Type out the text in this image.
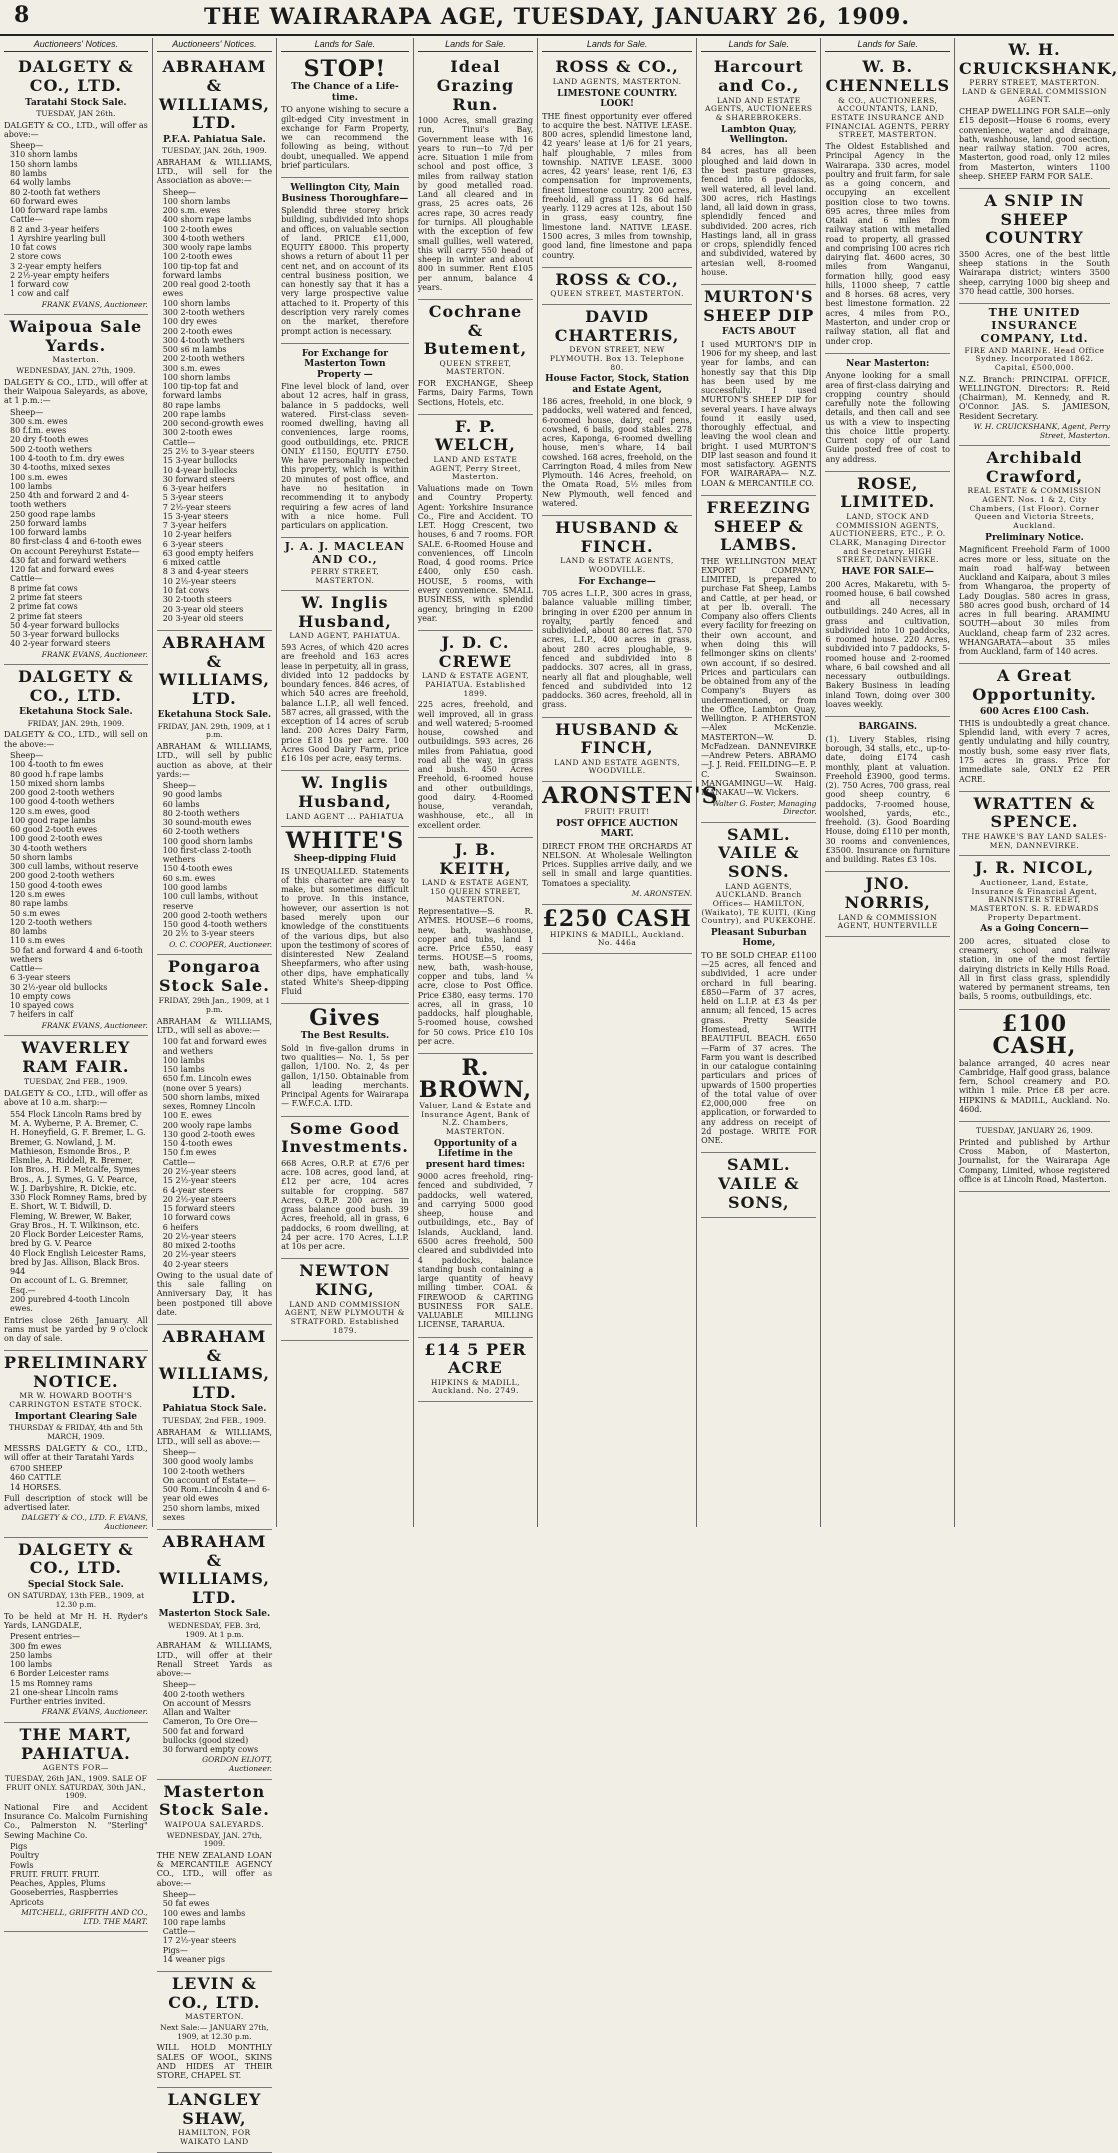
8	THE WAIRARAPA AGE, TUESDAY, JANUARY 26, 1909.
Auctioneers' Notices.
DALGETY & CO., LTD.
Taratahi Stock Sale.
TUESDAY, JAN 26th.

DALGETY & CO., LTD., will offer as above:—

Sheep—
310 shorn lambs
150 shorn lambs
80 lambs
64 wolly lambs
80 2-tooth fat wethers
60 forward ewes
100 forward rape lambs
Cattle—
8 2 and 3-year heifers
1 Ayrshire yearling bull
10 fat cows
2 store cows
3 2-year empty heifers
2 2½-year empty heifers
1 forward cow
1 cow and calf
FRANK EVANS, Auctioneer.
Waipoua Sale Yards.
Masterton.
WEDNESDAY, JAN. 27th, 1909.

DALGETY & CO., LTD., will offer at their Waipoua Saleyards, as above, at 1 p.m.:—

Sheep—
300 s.m. ewes
80 f.f.m. ewes
20 dry f-tooth ewes
500 2-tooth wethers
100 4-tooth to f.m. dry ewes
30 4-tooths, mixed sexes
100 s.m. ewes
100 lambs
250 4th and forward 2 and 4-tooth wethers
250 good rape lambs
250 forward lambs
100 forward lambs
80 first-class 4 and 6-tooth ewes
On account Pereyhurst Estate—
430 fat and forward wethers
120 fat and forward ewes
Cattle—
8 prime fat cows
2 prime fat steers
2 prime fat cows
2 prime fat steers
50 4-year forward bullocks
50 3-year forward bullocks
40 2-year forward steers
FRANK EVANS, Auctioneer.
DALGETY & CO., LTD.
Eketahuna Stock Sale.
FRIDAY, JAN. 29th, 1909.

DALGETY & CO., LTD., will sell on the above:—

Sheep—
100 4-tooth to fm ewes
80 good h.f rape lambs
150 mixed shorn lambs
200 good 2-tooth wethers
100 good 4-tooth wethers
120 s.m ewes, good
100 good rape lambs
60 good 2-tooth ewes
100 good 2-tooth ewes
30 4-tooth wethers
50 shorn lambs
300 cull lambs, without reserve
200 good 2-tooth wethers
150 good 4-tooth ewes
120 s.m ewes
80 rape lambs
50 s.m ewes
120 2-tooth wethers
80 lambs
110 s.m ewes
50 fat and forward 4 and 6-tooth wethers
Cattle—
6 3-year steers
30 2½-year old bullocks
10 empty cows
10 spayed cows
7 heifers in calf
FRANK EVANS, Auctioneer.
WAVERLEY RAM FAIR.
TUESDAY, 2nd FEB., 1909.

DALGETY & CO., LTD., will offer as above at 10 a.m. sharp:—

554 Flock Lincoln Rams bred by M. A. Wyberne, P. A. Bremer, C. H. Honeyfield, G. F. Bremer, L. G. Bremer, G. Nowland, J. M. Mathieson, Esmonde Bros., P. Elsmlie, A. Riddell, R. Bremer, Ion Bros., H. P. Metcalfe, Symes Bros., A. J. Symes, G. V. Pearce, W. J. Darbyshire, R. Dickie, etc.
330 Flock Romney Rams, bred by E. Short, W. T. Bidwill, D. Fleming, W. Brewer, W. Baker, Gray Bros., H. T. Wilkinson, etc.
20 Flock Border Leicester Rams, bred by G. V. Pearce
40 Flock English Leicester Rams, bred by Jas. Allison, Black Bros.
944
On account of L. G. Bremner, Esq.—
200 purebred 4-tooth Lincoln ewes.

Entries close 26th January. All rams must be yarded by 9 o'clock on day of sale.

PRELIMINARY NOTICE.
MR W. HOWARD BOOTH'S CARRINGTON ESTATE STOCK.
Important Clearing Sale
THURSDAY & FRIDAY, 4th and 5th MARCH, 1909.

MESSRS DALGETY & CO., LTD., will offer at their Taratahi Yards

6700 SHEEP
460 CATTLE
14 HORSES.

Full description of stock will be advertised later.

DALGETY & CO., LTD. F. EVANS, Auctioneer.
DALGETY & CO., LTD.
Special Stock Sale.
ON SATURDAY, 13th FEB., 1909, at 12.30 p.m.

To be held at Mr H. H. Ryder's Yards, LANGDALE,

Present entries—
300 fm ewes
250 lambs
100 lambs
6 Border Leicester rams
15 ms Romney rams
21 one-shear Lincoln rams
Further entries invited.
FRANK EVANS, Auctioneer.
THE MART, PAHIATUA.
AGENTS FOR—
TUESDAY, 26th JAN., 1909. SALE OF FRUIT ONLY. SATURDAY, 30th JAN., 1909.

National Fire and Accident Insurance Co. Malcolm Furnishing Co., Palmerston N. "Sterling" Sewing Machine Co.

Pigs
Poultry
Fowls
FRUIT. FRUIT. FRUIT.
Peaches, Apples, Plums
Gooseberries, Raspberries
Apricots
MITCHELL, GRIFFITH AND CO., LTD. THE MART.
Auctioneers' Notices.
ABRAHAM & WILLIAMS, LTD.
P.F.A. Pahiatua Sale.
TUESDAY, JAN. 26th, 1909.

ABRAHAM & WILLIAMS, LTD., will sell for the Association as above:—

Sheep—
100 shorn lambs
200 s.m. ewes
400 shorn rape lambs
100 2-tooth ewes
300 4-tooth wethers
300 wooly rape lambs
100 2-tooth ewes
100 tip-top fat and forward lambs
200 real good 2-tooth ewes
100 shorn lambs
300 2-tooth wethers
100 dry ewes
200 2-tooth ewes
300 4-tooth wethers
500 s6 m lambs
200 2-tooth wethers
300 s.m. ewes
100 shorn lambs
100 tip-top fat and forward lambs
80 rape lambs
200 rape lambs
200 second-growth ewes
300 2-tooth ewes
Cattle—
25 2½ to 3-year steers
15 3-year bullocks
10 4-year bullocks
30 forward steers
6 3-year heifers
5 3-year steers
7 2½-year steers
15 3-year steers
7 3-year heifers
10 2-year heifers
6 3-year steers
63 good empty heifers
6 mixed cattle
8 3 and 4-year steers
10 2½-year steers
10 fat cows
30 2-tooth steers
20 3-year old steers
20 3-year old steers
ABRAHAM & WILLIAMS, LTD.
Eketahuna Stock Sale.
FRIDAY, JAN. 29th, 1909, at 1 p.m.

ABRAHAM & WILLIAMS, LTD., will sell by public auction as above, at their yards:—

Sheep—
90 good lambs
60 lambs
80 2-tooth wethers
30 sound-mouth ewes
60 2-tooth wethers
100 good shorn lambs
100 first-class 2-tooth wethers
150 4-tooth ewes
60 s.m. ewes
100 good lambs
100 cull lambs, without reserve
200 good 2-tooth wethers
150 good 4-tooth wethers
20 2½ to 3-year steers
O. C. COOPER, Auctioneer.
Pongaroa Stock Sale.
FRIDAY, 29th Jan., 1909, at 1 p.m.

ABRAHAM & WILLIAMS, LTD., will sell as above:—

100 fat and forward ewes and wethers
100 lambs
150 lambs
650 f.m. Lincoln ewes (none over 5 years)
500 shorn lambs, mixed sexes, Romney Lincoln
100 E. ewes
200 wooly rape lambs
130 good 2-tooth ewes
150 4-tooth ewes
150 f.m ewes
Cattle—
20 2½-year steers
15 2½-year steers
6 4-year steers
20 2½-year steers
15 forward steers
10 forward cows
6 heifers
20 2½-year steers
80 mixed 2-tooths
20 2½-year steers
40 2-year steers

Owing to the usual date of this sale falling on Anniversary Day, it has been postponed till above date.

ABRAHAM & WILLIAMS, LTD.
Pahiatua Stock Sale.
TUESDAY, 2nd FEB., 1909.

ABRAHAM & WILLIAMS, LTD., will sell as above:—

Sheep—
300 good wooly lambs
100 2-tooth wethers
On account of Estate—
500 Rom.-Lincoln 4 and 6-year old ewes
250 shorn lambs, mixed sexes
ABRAHAM & WILLIAMS, LTD.
Masterton Stock Sale.
WEDNESDAY, FEB. 3rd, 1909. At 1 p.m.

ABRAHAM & WILLIAMS, LTD., will offer at their Renall Street Yards as above:—

Sheep—
400 2-tooth wethers
On account of Messrs Allan and Walter Cameron, To Ore Ore—
500 fat and forward bullocks (good sized)
30 forward empty cows
GORDON ELIOTT, Auctioneer.
Masterton Stock Sale.
WAIPOUA SALEYARDS.
WEDNESDAY, JAN. 27th, 1909.

THE NEW ZEALAND LOAN & MERCANTILE AGENCY CO., LTD., will offer as above:—

Sheep—
50 fat ewes
100 ewes and lambs
100 rape lambs
Cattle—
17 2½-year steers
Pigs—
14 weaner pigs
LEVIN & CO., LTD.
MASTERTON.
Next Sale:— JANUARY 27th, 1909, at 12.30 p.m.

WILL HOLD MONTHLY SALES OF WOOL, SKINS AND HIDES AT THEIR STORE, CHAPEL ST.

LANGLEY SHAW,
HAMILTON, FOR WAIKATO LAND
Lands for Sale.
STOP!
The Chance of a Life-time.

TO anyone wishing to secure a gilt-edged City investment in exchange for Farm Property, we can recommend the following as being, without doubt, unequalled. We append brief particulars.

Wellington City, Main Business Thoroughfare—

Splendid three storey brick building, subdivided into shops and offices, on valuable section of land. PRICE £11,000, EQUITY £8000. This property shows a return of about 11 per cent net, and on account of its central business position, we can honestly say that it has a very large prospective value attached to it. Property of this description very rarely comes on the market, therefore prompt action is necessary.

For Exchange for Masterton Town Property —

Fine level block of land, over about 12 acres, half in grass, balance in 5 paddocks, well watered. First-class seven-roomed dwelling, having all conveniences, large rooms, good outbuildings, etc. PRICE ONLY £1150, EQUITY £750. We have personally inspected this property, which is within 20 minutes of post office, and have no hesitation in recommending it to anybody requiring a few acres of land with a nice home. Full particulars on application.

J. A. J. MACLEAN AND CO.,
PERRY STREET, MASTERTON.
W. Inglis Husband,
LAND AGENT, PAHIATUA.

593 Acres, of which 420 acres are freehold and 163 acres lease in perpetuity, all in grass, divided into 12 paddocks by boundary fences. 846 acres, of which 540 acres are freehold, balance L.I.P., all well fenced. 587 acres, all grassed, with the exception of 14 acres of scrub land. 200 Acres Dairy Farm, price £18 10s per acre. 100 Acres Good Dairy Farm, price £16 10s per acre, easy terms.

W. Inglis Husband,
LAND AGENT ... PAHIATUA
WHITE'S
Sheep-dipping Fluid

IS UNEQUALLED. Statements of this character are easy to make, but sometimes difficult to prove. In this instance, however, our assertion is not based merely upon our knowledge of the constituents of the various dips, but also upon the testimony of scores of disinterested New Zealand Sheepfarmers, who after using other dips, have emphatically stated White's Sheep-dipping Fluid

Gives
The Best Results.

Sold in five-gallon drums in two qualities— No. 1, 5s per gallon, 1/100. No. 2, 4s per gallon, 1/150. Obtainable from all leading merchants. Principal Agents for Wairarapa— F.W.F.C.A. LTD.

Some Good Investments.

668 Acres, O.R.P. at £7/6 per acre. 108 acres, good land, at £12 per acre, 104 acres suitable for cropping. 587 Acres, O.R.P. 200 acres in grass balance good bush. 39 Acres, freehold, all in grass, 6 paddocks, 6 room dwelling, at 24 per acre. 170 Acres, L.I.P. at 10s per acre.

NEWTON KING,
LAND AND COMMISSION AGENT, NEW PLYMOUTH & STRATFORD. Established 1879.
Lands for Sale.
Ideal Grazing Run.

1000 Acres, small grazing run, Tinui's Bay, Government lease with 16 years to run—to 7/d per acre. Situation 1 mile from school and post office, 3 miles from railway station by good metalled road. Land all cleared and in grass, 25 acres oats, 26 acres rape, 30 acres ready for turnips. All ploughable with the exception of few small gullies, well watered, this will carry 550 head of sheep in winter and about 800 in summer. Rent £105 per annum, balance 4 years.

Cochrane & Butement,
QUEEN STREET, MASTERTON.

FOR EXCHANGE, Sheep Farms, Dairy Farms, Town Sections, Hotels, etc.

F. P. WELCH,
LAND AND ESTATE AGENT, Perry Street, Masterton.

Valuations made on Town and Country Property. Agent: Yorkshire Insurance Co., Fire and Accident. TO LET. Hogg Crescent, two houses, 6 and 7 rooms. FOR SALE. 6-Roomed House and conveniences, off Lincoln Road, 4 good rooms. Price £400, only £50 cash. HOUSE, 5 rooms, with every convenience. SMALL BUSINESS, with splendid agency, bringing in £200 year.

J. D. C. CREWE
LAND & ESTATE AGENT, PAHIATUA. Established 1899.

225 acres, freehold, and well improved, all in grass and well watered; 5-roomed house, cowshed and outbuildings. 593 acres, 26 miles from Pahiatua, good road all the way, in grass and bush. 450 Acres Freehold, 6-roomed house and other outbuildings, good dairy. 4-Roomed house, verandah, washhouse, etc., all in excellent order.

J. B. KEITH,
LAND & ESTATE AGENT, 150 QUEEN STREET, MASTERTON.

Representative—S. R. AYMES. HOUSE—6 rooms, new, bath, washhouse, copper and tubs, land 1 acre. Price £550, easy terms. HOUSE—5 rooms, new, bath, wash-house, copper and tubs, land ¼ acre, close to Post Office. Price £380, easy terms. 170 acres, all in grass, 10 paddocks, half ploughable, 5-roomed house, cowshed for 50 cows. Price £10 10s per acre.

R. BROWN,
Valuer, Land & Estate and Insurance Agent, Bank of N.Z. Chambers, MASTERTON.
Opportunity of a Lifetime in the present hard times:

9000 acres freehold, ring-fenced and subdivided, 7 paddocks, well watered, and carrying 5000 good sheep, house and outbuildings, etc., Bay of Islands, Auckland, land. 6500 acres freehold, 500 cleared and subdivided into 4 paddocks, balance standing bush containing a large quantity of heavy milling timber. COAL & FIREWOOD & CARTING BUSINESS FOR SALE. VALUABLE MILLING LICENSE, TARARUA.

£14 5 PER ACRE
HIPKINS & MADILL, Auckland. No. 2749.
Lands for Sale.
ROSS & CO.,
LAND AGENTS, MASTERTON.
LIMESTONE COUNTRY. LOOK!

THE finest opportunity ever offered to acquire the best. NATIVE LEASE. 800 acres, splendid limestone land, 42 years' lease at 1/6 for 21 years, half ploughable, 7 miles from township. NATIVE LEASE. 3000 acres, 42 years' lease, rent 1/6, £3 compensation for improvements, finest limestone country. 200 acres, freehold, all grass 11 8s 6d half-yearly. 1129 acres at 12s, about 150 in grass, easy country, fine limestone land. NATIVE LEASE. 1500 acres, 3 miles from township, good land, fine limestone and papa country.

ROSS & CO.,
QUEEN STREET, MASTERTON.
DAVID CHARTERIS,
DEVON STREET, NEW PLYMOUTH. Box 13. Telephone 80.
House Factor, Stock, Station and Estate Agent,

186 acres, freehold, in one block, 9 paddocks, well watered and fenced, 6-roomed house, dairy, calf pens, cowshed, 6 bails, good stables. 278 acres, Kaponga, 6-roomed dwelling house, men's whare, 14 bail cowshed. 168 acres, freehold, on the Carrington Road, 4 miles from New Plymouth. 146 Acres, freehold, on the Omata Road, 5½ miles from New Plymouth, well fenced and watered.

HUSBAND & FINCH.
LAND & ESTATE AGENTS, WOODVILLE.
For Exchange—

705 acres L.I.P., 300 acres in grass, balance valuable milling timber, bringing in over £200 per annum in royalty, partly fenced and subdivided, about 80 acres flat. 570 acres, L.I.P., 400 acres in grass, about 280 acres ploughable, 9-fenced and subdivided into 8 paddocks. 307 acres, all in grass, nearly all flat and ploughable, well fenced and subdivided into 12 paddocks. 360 acres, freehold, all in grass.

HUSBAND & FINCH,
LAND AND ESTATE AGENTS, WOODVILLE.
ARONSTEN'S
FRUIT! FRUIT!
POST OFFICE AUCTION MART.

DIRECT FROM THE ORCHARDS AT NELSON. At Wholesale Wellington Prices. Supplies arrive daily, and we sell in small and large quantities. Tomatoes a speciality.

M. ARONSTEN.
£250 CASH
HIPKINS & MADILL, Auckland. No. 446a
Lands for Sale.
Harcourt and Co.,
LAND AND ESTATE AGENTS, AUCTIONEERS & SHAREBROKERS.
Lambton Quay, Wellington.

84 acres, has all been ploughed and laid down in the best pasture grasses, fenced into 6 paddocks, well watered, all level land. 300 acres, rich Hastings land, all laid down in grass, splendidly fenced and subdivided. 200 acres, rich Hastings land, all in grass or crops, splendidly fenced and subdivided, watered by artesian well, 8-roomed house.

MURTON'S SHEEP DIP
FACTS ABOUT

I used MURTON'S DIP in 1906 for my sheep, and last year for lambs, and can honestly say that this Dip has been used by me successfully. I used MURTON'S SHEEP DIP for several years. I have always found it easily used, thoroughly effectual, and leaving the wool clean and bright. I used MURTON'S DIP last season and found it most satisfactory. AGENTS FOR WAIRARAPA— N.Z. LOAN & MERCANTILE CO.

FREEZING SHEEP & LAMBS.

THE WELLINGTON MEAT EXPORT COMPANY, LIMITED, is prepared to purchase Fat Sheep, Lambs and Cattle, at per head, or at per lb. overall. The Company also offers Clients every facility for freezing on their own account, and when doing this will fellmonger skins on clients' own account, if so desired. Prices and particulars can be obtained from any of the Company's Buyers as undermentioned, or from the Office, Lambton Quay, Wellington. P. ATHERSTON—Alex McKenzie. MASTERTON—W. D. McFadzean. DANNEVIRKE—Andrew Peters. ABRAMO—J. J. Reid. FEILDING—E. P. C. Swainson. MANGAMINGU—W. Haig. MANAKAU—W. Vickers.

Walter G. Foster, Managing Director.
SAML. VAILE & SONS.
LAND AGENTS, AUCKLAND. Branch Offices— HAMILTON, (Waikato), TE KUITI, (King Country), and PUKEKOHE.
Pleasant Suburban Home,

TO BE SOLD CHEAP. £1100—25 acres, all fenced and subdivided, 1 acre under orchard in full bearing. £850—Farm of 37 acres, held on L.I.P. at £3 4s per annum; all fenced, 15 acres grass. Pretty Seaside Homestead, WITH BEAUTIFUL BEACH. £650—Farm of 37 acres. The Farm you want is described in our catalogue containing particulars and prices of upwards of 1500 properties of the total value of over £2,000,000 free on application, or forwarded to any address on receipt of 2d postage. WRITE FOR ONE.

SAML. VAILE & SONS,
Lands for Sale.
W. B. CHENNELLS
& CO., AUCTIONEERS, ACCOUNTANTS, LAND, ESTATE INSURANCE AND FINANCIAL AGENTS, PERRY STREET, MASTERTON.

The Oldest Established and Principal Agency in the Wairarapa. 330 acres, model poultry and fruit farm, for sale as a going concern, and occupying an excellent position close to two towns. 695 acres, three miles from Otaki and 6 miles from railway station with metalled road to property, all grassed and comprising 100 acres rich dairying flat. 4600 acres, 30 miles from Wanganui, formation hilly, good easy hills, 11000 sheep, 7 cattle and 8 horses. 68 acres, very best limestone formation. 22 acres, 4 miles from P.O., Masterton, and under crop or railway station, all flat and under crop.

Near Masterton:

Anyone looking for a small area of first-class dairying and cropping country should carefully note the following details, and then call and see us with a view to inspecting this choice little property. Current copy of our Land Guide posted free of cost to any address.

ROSE, LIMITED.
LAND, STOCK AND COMMISSION AGENTS, AUCTIONEERS, ETC., P. O. CLARK, Managing Director and Secretary. HIGH STREET, DANNEVIRKE.
HAVE FOR SALE—

200 Acres, Makaretu, with 5-roomed house, 6 bail cowshed and all necessary outbuildings. 240 Acres, all in grass and cultivation, subdivided into 10 paddocks, 6 roomed house. 220 Acres, subdivided into 7 paddocks, 5-roomed house and 2-roomed whare, 6 bail cowshed and all necessary outbuildings. Bakery Business in leading inland Town, doing over 300 loaves weekly.

BARGAINS.

(1). Livery Stables, rising borough, 34 stalls, etc., up-to-date, doing £174 cash monthly, plant at valuation. Freehold £3900, good terms. (2). 750 Acres, 700 grass, real good sheep country, 6 paddocks, 7-roomed house, woolshed, yards, etc., freehold. (3). Good Boarding House, doing £110 per month, 30 rooms and conveniences, £3500. Insurance on furniture and building. Rates £3 10s.

JNO. NORRIS,
LAND & COMMISSION AGENT, HUNTERVILLE
W. H. CRUICKSHANK,
PERRY STREET, MASTERTON. LAND & GENERAL COMMISSION AGENT.

CHEAP DWELLING FOR SALE—only £15 deposit—House 6 rooms, every convenience, water and drainage, bath, washhouse, land, good section, near railway station. 700 acres, Masterton, good road, only 12 miles from Masterton, winters 1100 sheep. SHEEP FARM FOR SALE.

A SNIP IN SHEEP COUNTRY

3500 Acres, one of the best little sheep stations in the South Wairarapa district; winters 3500 sheep, carrying 1000 big sheep and 370 head cattle, 300 horses.

THE UNITED INSURANCE COMPANY, Ltd.
FIRE AND MARINE. Head Office Sydney. Incorporated 1862. Capital, £500,000.

N.Z. Branch: PRINCIPAL OFFICE, WELLINGTON. Directors: R. Reid (Chairman), M. Kennedy, and R. O'Connor. JAS. S. JAMIESON, Resident Secretary.

W. H. CRUICKSHANK, Agent, Perry Street, Masterton.
Archibald Crawford,
REAL ESTATE & COMMISSION AGENT. Nos. 1 & 2, City Chambers, (1st Floor). Corner Queen and Victoria Streets, Auckland.
Preliminary Notice.

Magnificent Freehold Farm of 1000 acres more or less, situate on the main road half-way between Auckland and Kaipara, about 3 miles from Whangaroa, the property of Lady Douglas. 580 acres in grass, 580 acres good bush, orchard of 14 acres in full bearing. ARAMIMU SOUTH—about 30 miles from Auckland, cheap farm of 232 acres. WHANGARATA—about 35 miles from Auckland, farm of 140 acres.

A Great Opportunity.
600 Acres £100 Cash.

THIS is undoubtedly a great chance. Splendid land, with every 7 acres, gently undulating and hilly country, mostly bush, some easy river flats, 175 acres in grass. Price for immediate sale, ONLY £2 PER ACRE.

WRATTEN & SPENCE.
THE HAWKE'S BAY LAND SALES-MEN, DANNEVIRKE.
J. R. NICOL,
Auctioneer, Land, Estate, Insurance & Financial Agent, BANNISTER STREET, MASTERTON. S. R. EDWARDS Property Department.
As a Going Concern—

200 acres, situated close to creamery, school and railway station, in one of the most fertile dairying districts in Kelly Hills Road. All in first class grass, splendidly watered by permanent streams, ten bails, 5 rooms, outbuildings, etc.

£100 CASH,

balance arranged, 40 acres near Cambridge, Half good grass, balance fern, School creamery and P.O. within 1 mile. Price £8 per acre. HIPKINS & MADILL, Auckland. No. 460d.

TUESDAY, JANUARY 26, 1909.

Printed and published by Arthur Cross Mabon, of Masterton, Journalist, for the Wairarapa Age Company, Limited, whose registered office is at Lincoln Road, Masterton.
